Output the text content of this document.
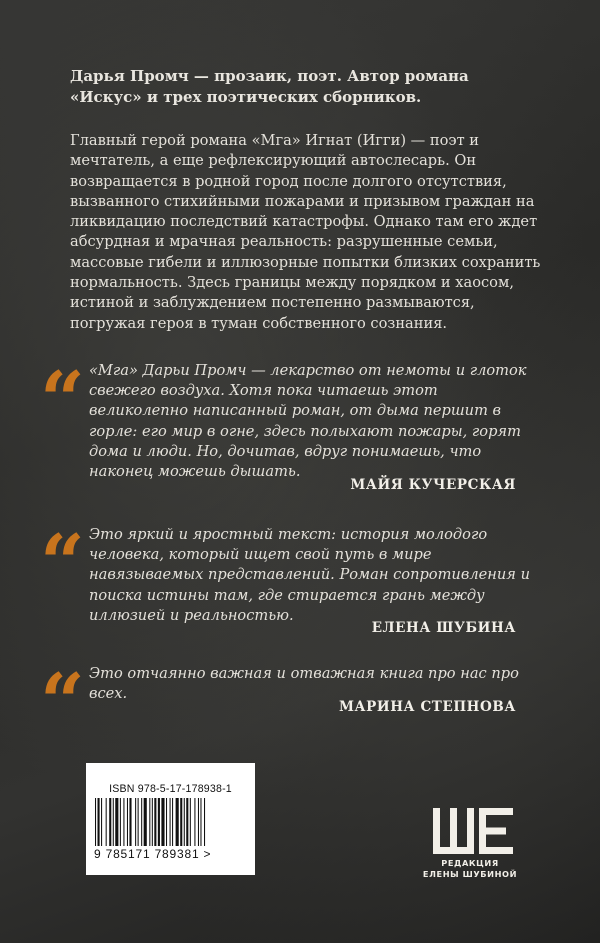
Дарья Промч — прозаик, поэт. Автор романа «Искус» и трех поэтических сборников.

Главный герой романа «Мга» Игнат (Игги) — поэт и мечтатель, а еще рефлексирующий автослесарь. Он возвращается в родной город после долгого отсутствия, вызванного стихийными пожарами и призывом граждан на ликвидацию последствий катастрофы. Однако там его ждет абсурдная и мрачная реальность: разрушенные семьи, массовые гибели и иллюзорные попытки близких сохранить нормальность. Здесь границы между порядком и хаосом, истиной и заблуждением постепенно размываются, погружая героя в туман собственного сознания.

“ «Мга» Дарьи Промч — лекарство от немоты и глоток свежего воздуха. Хотя пока читаешь этот великолепно написанный роман, от дыма першит в горле: его мир в огне, здесь полыхают пожары, горят дома и люди. Но, дочитав, вдруг понимаешь, что наконец можешь дышать.

МАЙЯ КУЧЕРСКАЯ
“ Это яркий и яростный текст: история молодого человека, который ищет свой путь в мире навязываемых представлений. Роман сопротивления и поиска истины там, где стирается грань между иллюзией и реальностью.

ЕЛЕНА ШУБИНА
“ Это отчаянно важная и отважная книга про нас про всех.

МАРИНА СТЕПНОВА
ISBN 978-5-17-178938-1
9 785171 789381 >
РЕДАКЦИЯ
ЕЛЕНЫ ШУБИНОЙ
